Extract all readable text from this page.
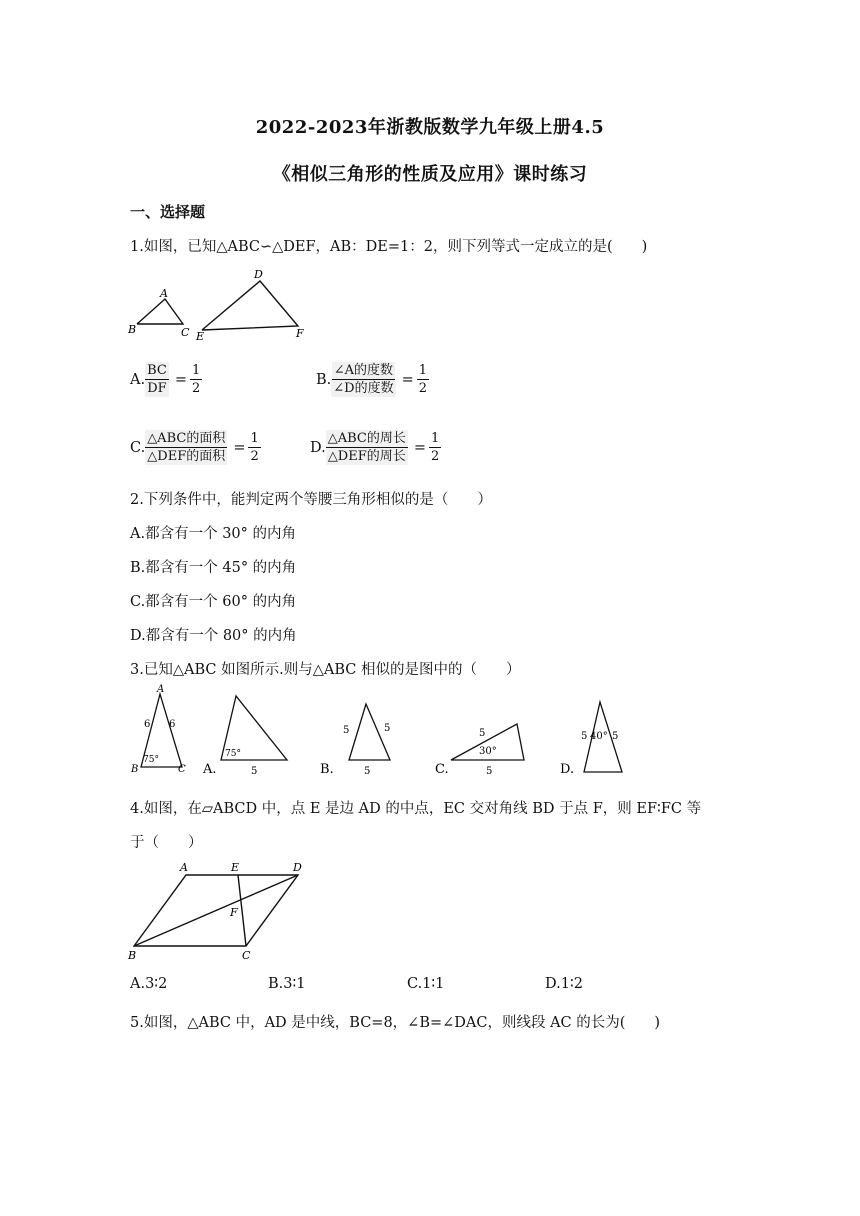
2022-2023年浙教版数学九年级上册4.5
《相似三角形的性质及应用》课时练习
一、选择题
1.如图，已知△ABC∽△DEF，AB：DE=1：2，则下列等式一定成立的是(　　)
A
B	C
D
E	F
A. $\frac{BC}{DF} = \frac{1}{2}$	B. $\frac{\text{∠A的度数}}{\text{∠D的度数}} = \frac{1}{2}$
C. $\frac{\text{△ABC的面积}}{\text{△DEF的面积}} = \frac{1}{2}$	D. $\frac{\text{△ABC的周长}}{\text{△DEF的周长}} = \frac{1}{2}$
2.下列条件中，能判定两个等腰三角形相似的是（　　）
A.都含有一个 30° 的内角
B.都含有一个 45° 的内角
C.都含有一个 60° 的内角
D.都含有一个 80° 的内角
3.已知△ABC 如图所示.则与△ABC 相似的是图中的（　　）
A
B	C
6 6
75°
75°
5
A.
5	5
5
B.
5
30°
5
C.
5 40° 5
D.
4.如图，在▱ABCD 中，点 E 是边 AD 的中点，EC 交对角线 BD 于点 F，则 EF∶FC 等
于（　　）
A	E	D
F
B	C
A.3∶2	B.3∶1	C.1∶1	D.1∶2
5.如图，△ABC 中，AD 是中线，BC=8，∠B=∠DAC，则线段 AC 的长为(　　)
